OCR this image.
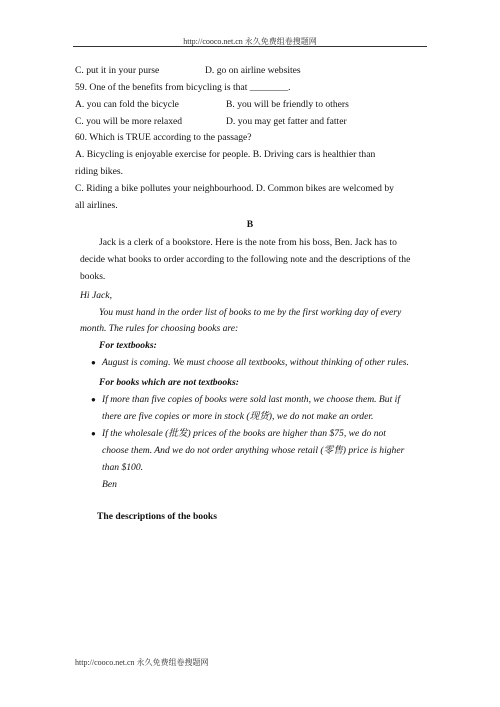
http://cooco.net.cn 永久免费组卷搜题网
C. put it in your purse	D. go on airline websites
59. One of the benefits from bicycling is that ________.
A. you can fold the bicycle	B. you will be friendly to others
C. you will be more relaxed	D. you may get fatter and fatter
60. Which is TRUE according to the passage?
A. Bicycling is enjoyable exercise for people. B. Driving cars is healthier than
riding bikes.
C. Riding a bike pollutes your neighbourhood. D. Common bikes are welcomed by
all airlines.
B
Jack is a clerk of a bookstore. Here is the note from his boss, Ben. Jack has to
decide what books to order according to the following note and the descriptions of the
books.
Hi Jack,
You must hand in the order list of books to me by the first working day of every
month. The rules for choosing books are:
For textbooks:
● August is coming. We must choose all textbooks, without thinking of other rules.
For books which are not textbooks:
● If more than five copies of books were sold last month, we choose them. But if
there are five copies or more in stock (现货), we do not make an order.
● If the wholesale (批发) prices of the books are higher than $75, we do not
choose them. And we do not order anything whose retail (零售) price is higher
than $100.
Ben
The descriptions of the books
http://cooco.net.cn 永久免费组卷搜题网
